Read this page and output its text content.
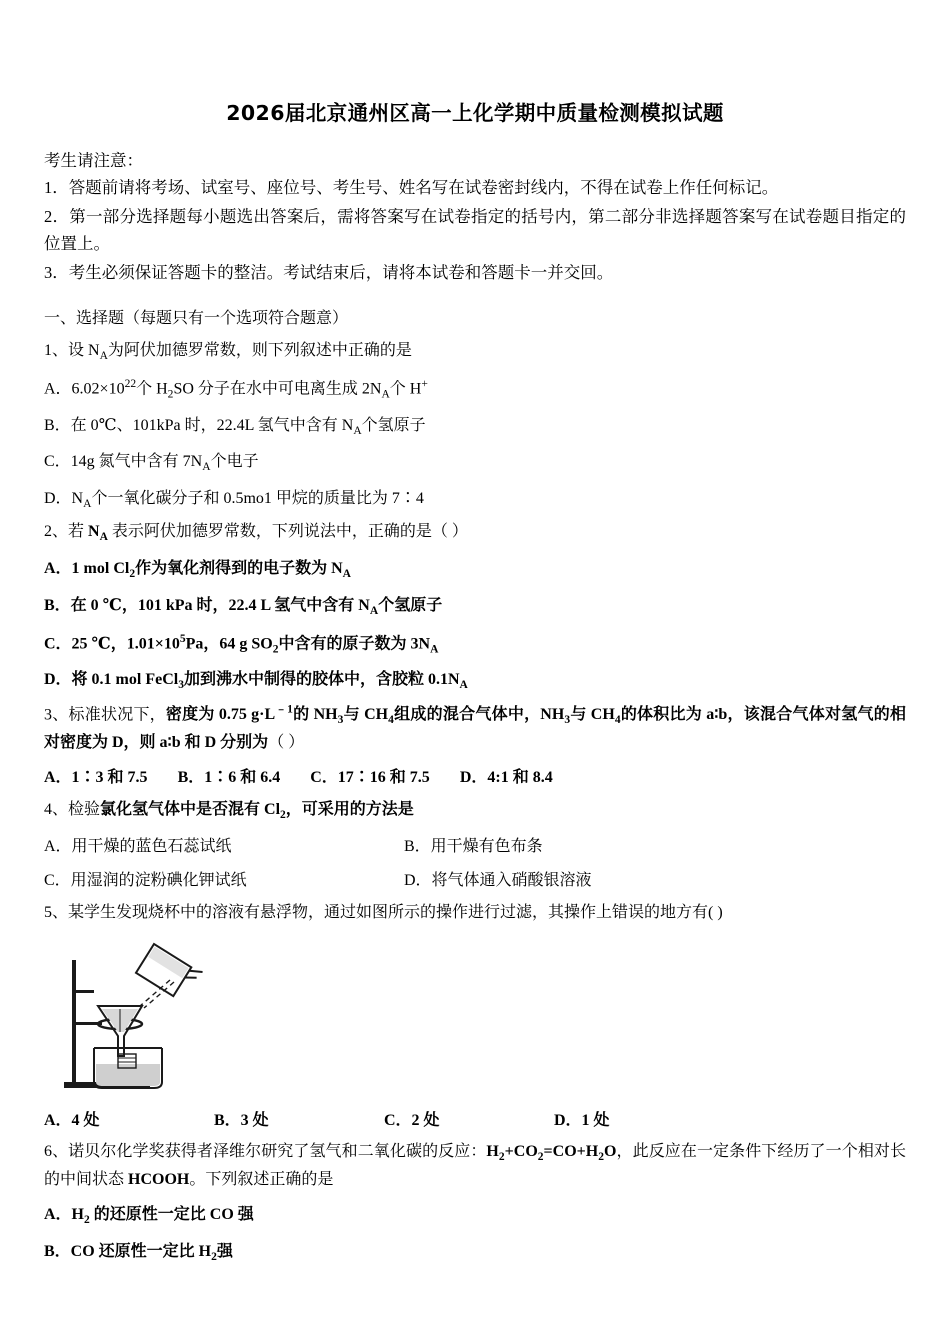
2026届北京通州区高一上化学期中质量检测模拟试题
考生请注意：
1．答题前请将考场、试室号、座位号、考生号、姓名写在试卷密封线内，不得在试卷上作任何标记。
2．第一部分选择题每小题选出答案后，需将答案写在试卷指定的括号内，第二部分非选择题答案写在试卷题目指定的位置上。
3．考生必须保证答题卡的整洁。考试结束后，请将本试卷和答题卡一并交回。
一、选择题（每题只有一个选项符合题意）
1、设 $N_A$为阿伏加德罗常数，则下列叙述中正确的是
A．$6.02\times 10^{22}$个 $H_2SO$ 分子在水中可电离生成 $2N_A$个 H+
B．在 0℃、101kPa 时，22.4L 氢气中含有 $N_A$个氢原子
C．14g 氮气中含有 $7N_A$个电子
D．$N_A$个一氧化碳分子和 0.5mo1 甲烷的质量比为 7∶4
2、若 $N_A$ 表示阿伏加德罗常数，下列说法中，正确的是（ ）
A．1 mol $Cl_2$作为氧化剂得到的电子数为 $N_A$
B．在 0 ℃，101 kPa 时，22.4 L 氢气中含有 $N_A$个氢原子
C．25 ℃，$1.01\times 10^5Pa$，64 g $SO_2$中含有的原子数为 $3N_A$
D．将 0.1 mol FeCl$_3$加到沸水中制得的胶体中，含胶粒 $0.1N_A$
3、标准状况下，密度为 0.75 $g\cdot L^{﹣1}$的 $NH_3$与 $CH_4$组成的混合气体中，$NH_3$与 $CH_4$的体积比为 a∶b，该混合气体对氢气的相对密度为 D，则 a∶b 和 D 分别为（ ）
A．1∶3 和 7.5 B．1∶6 和 6.4 C．17∶16 和 7.5 D．4:1 和 8.4
4、检验氯化氢气体中是否混有 $Cl_2$，可采用的方法是
A．用干燥的蓝色石蕊试纸	B．用干燥有色布条
C．用湿润的淀粉碘化钾试纸	D．将气体通入硝酸银溶液
5、某学生发现烧杯中的溶液有悬浮物，通过如图所示的操作进行过滤，其操作上错误的地方有( )
A．4 处	B．3 处	C．2 处	D．1 处
6、诺贝尔化学奖获得者泽维尔研究了氢气和二氧化碳的反应：$H_2+CO_2=CO+H_2O$，此反应在一定条件下经历了一个相对长的中间状态 HCOOH。下列叙述正确的是
A．$H_2$ 的还原性一定比 CO 强
B．CO 还原性一定比 $H_2$强
